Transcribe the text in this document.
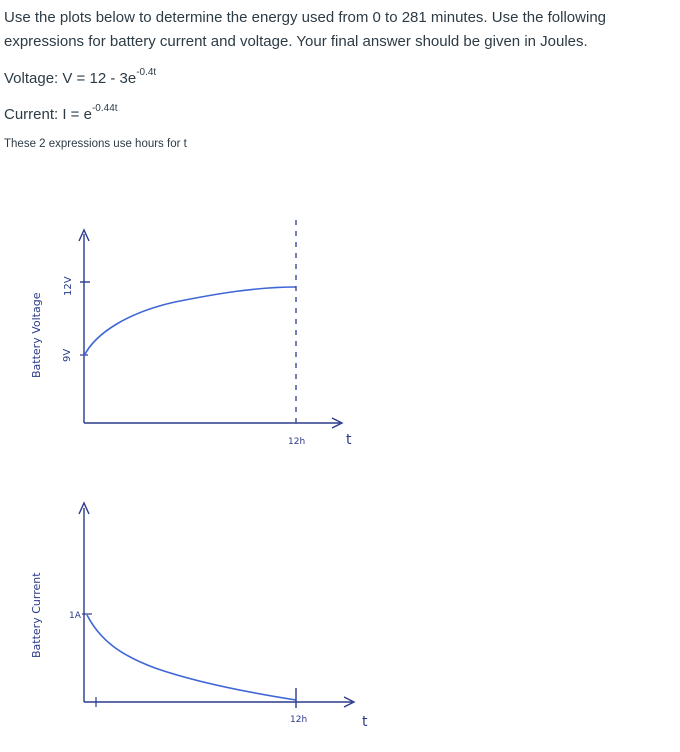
Use the plots below to determine the energy used from 0 to 281 minutes. Use the following expressions for battery current and voltage. Your final answer should be given in Joules.
Voltage: $V = 12 - 3e^{-0.4t}$
Current: $I = e^{-0.44t}$
These 2 expressions use hours for t
Battery Voltage
12V
9V
12h	t
Battery Current	1A
12h	t
